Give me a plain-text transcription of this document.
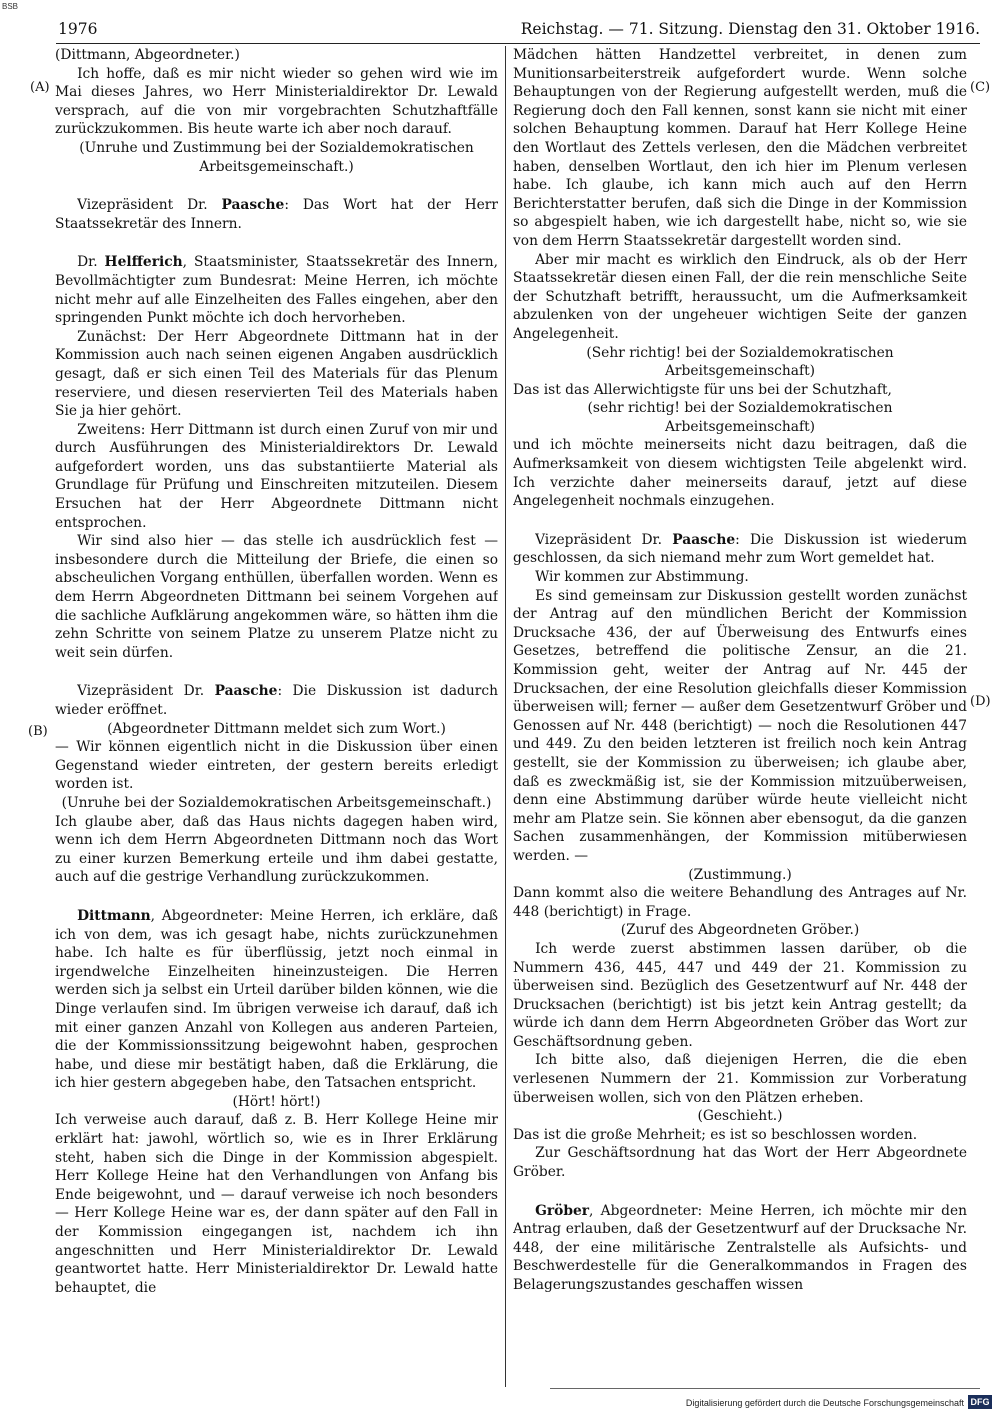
BSB
1976	Reichstag. — 71. Sitzung. Dienstag den 31. Oktober 1916.
(A)
(B)
(C)
(D)

(Dittmann, Abgeordneter.)

Ich hoffe, daß es mir nicht wieder so gehen wird wie im Mai dieses Jahres, wo Herr Ministerialdirektor Dr. Lewald versprach, auf die von mir vorgebrachten Schutzhaftfälle zurückzukommen. Bis heute warte ich aber noch darauf.

(Unruhe und Zustimmung bei der Sozialdemokratischen Arbeitsgemeinschaft.)

Vizepräsident Dr. Paasche: Das Wort hat der Herr Staatssekretär des Innern.

Dr. Helfferich, Staatsminister, Staatssekretär des Innern, Bevollmächtigter zum Bundesrat: Meine Herren, ich möchte nicht mehr auf alle Einzelheiten des Falles eingehen, aber den springenden Punkt möchte ich doch hervorheben.

Zunächst: Der Herr Abgeordnete Dittmann hat in der Kommission auch nach seinen eigenen Angaben ausdrücklich gesagt, daß er sich einen Teil des Materials für das Plenum reserviere, und diesen reservierten Teil des Materials haben Sie ja hier gehört.

Zweitens: Herr Dittmann ist durch einen Zuruf von mir und durch Ausführungen des Ministerialdirektors Dr. Lewald aufgefordert worden, uns das substantiierte Material als Grundlage für Prüfung und Einschreiten mitzuteilen. Diesem Ersuchen hat der Herr Abgeordnete Dittmann nicht entsprochen.

Wir sind also hier — das stelle ich ausdrücklich fest — insbesondere durch die Mitteilung der Briefe, die einen so abscheulichen Vorgang enthüllen, überfallen worden. Wenn es dem Herrn Abgeordneten Dittmann bei seinem Vorgehen auf die sachliche Aufklärung angekommen wäre, so hätten ihm die zehn Schritte von seinem Platze zu unserem Platze nicht zu weit sein dürfen.

Vizepräsident Dr. Paasche: Die Diskussion ist dadurch wieder eröffnet.

(Abgeordneter Dittmann meldet sich zum Wort.)

— Wir können eigentlich nicht in die Diskussion über einen Gegenstand wieder eintreten, der gestern bereits erledigt worden ist.

(Unruhe bei der Sozialdemokratischen Arbeitsgemeinschaft.)

Ich glaube aber, daß das Haus nichts dagegen haben wird, wenn ich dem Herrn Abgeordneten Dittmann noch das Wort zu einer kurzen Bemerkung erteile und ihm dabei gestatte, auch auf die gestrige Verhandlung zurückzukommen.

Dittmann, Abgeordneter: Meine Herren, ich erkläre, daß ich von dem, was ich gesagt habe, nichts zurückzunehmen habe. Ich halte es für überflüssig, jetzt noch einmal in irgendwelche Einzelheiten hineinzusteigen. Die Herren werden sich ja selbst ein Urteil darüber bilden können, wie die Dinge verlaufen sind. Im übrigen verweise ich darauf, daß ich mit einer ganzen Anzahl von Kollegen aus anderen Parteien, die der Kommissionssitzung beigewohnt haben, gesprochen habe, und diese mir bestätigt haben, daß die Erklärung, die ich hier gestern abgegeben habe, den Tatsachen entspricht.

(Hört! hört!)

Ich verweise auch darauf, daß z. B. Herr Kollege Heine mir erklärt hat: jawohl, wörtlich so, wie es in Ihrer Erklärung steht, haben sich die Dinge in der Kommission abgespielt. Herr Kollege Heine hat den Verhandlungen von Anfang bis Ende beigewohnt, und — darauf verweise ich noch besonders — Herr Kollege Heine war es, der dann später auf den Fall in der Kommission eingegangen ist, nachdem ich ihn angeschnitten und Herr Ministerialdirektor Dr. Lewald geantwortet hatte. Herr Ministerialdirektor Dr. Lewald hatte behauptet, die

Mädchen hätten Handzettel verbreitet, in denen zum Munitionsarbeiterstreik aufgefordert wurde. Wenn solche Behauptungen von der Regierung aufgestellt werden, muß die Regierung doch den Fall kennen, sonst kann sie nicht mit einer solchen Behauptung kommen. Darauf hat Herr Kollege Heine den Wortlaut des Zettels verlesen, den die Mädchen verbreitet haben, denselben Wortlaut, den ich hier im Plenum verlesen habe. Ich glaube, ich kann mich auch auf den Herrn Berichterstatter berufen, daß sich die Dinge in der Kommission so abgespielt haben, wie ich dargestellt habe, nicht so, wie sie von dem Herrn Staatssekretär dargestellt worden sind.

Aber mir macht es wirklich den Eindruck, als ob der Herr Staatssekretär diesen einen Fall, der die rein menschliche Seite der Schutzhaft betrifft, heraussucht, um die Aufmerksamkeit abzulenken von der ungeheuer wichtigen Seite der ganzen Angelegenheit.

(Sehr richtig! bei der Sozialdemokratischen Arbeitsgemeinschaft)

Das ist das Allerwichtigste für uns bei der Schutzhaft,

(sehr richtig! bei der Sozialdemokratischen Arbeitsgemeinschaft)

und ich möchte meinerseits nicht dazu beitragen, daß die Aufmerksamkeit von diesem wichtigsten Teile abgelenkt wird. Ich verzichte daher meinerseits darauf, jetzt auf diese Angelegenheit nochmals einzugehen.

Vizepräsident Dr. Paasche: Die Diskussion ist wiederum geschlossen, da sich niemand mehr zum Wort gemeldet hat.

Wir kommen zur Abstimmung.

Es sind gemeinsam zur Diskussion gestellt worden zunächst der Antrag auf den mündlichen Bericht der Kommission Drucksache 436, der auf Überweisung des Entwurfs eines Gesetzes, betreffend die politische Zensur, an die 21. Kommission geht, weiter der Antrag auf Nr. 445 der Drucksachen, der eine Resolution gleichfalls dieser Kommission überweisen will; ferner — außer dem Gesetzentwurf Gröber und Genossen auf Nr. 448 (berichtigt) — noch die Resolutionen 447 und 449. Zu den beiden letzteren ist freilich noch kein Antrag gestellt, sie der Kommission zu überweisen; ich glaube aber, daß es zweckmäßig ist, sie der Kommission mitzuüberweisen, denn eine Abstimmung darüber würde heute vielleicht nicht mehr am Platze sein. Sie können aber ebensogut, da die ganzen Sachen zusammenhängen, der Kommission mitüberwiesen werden. —

(Zustimmung.)

Dann kommt also die weitere Behandlung des Antrages auf Nr. 448 (berichtigt) in Frage.

(Zuruf des Abgeordneten Gröber.)

Ich werde zuerst abstimmen lassen darüber, ob die Nummern 436, 445, 447 und 449 der 21. Kommission zu überweisen sind. Bezüglich des Gesetzentwurf auf Nr. 448 der Drucksachen (berichtigt) ist bis jetzt kein Antrag gestellt; da würde ich dann dem Herrn Abgeordneten Gröber das Wort zur Geschäftsordnung geben.

Ich bitte also, daß diejenigen Herren, die die eben verlesenen Nummern der 21. Kommission zur Vorberatung überweisen wollen, sich von den Plätzen erheben.

(Geschieht.)

Das ist die große Mehrheit; es ist so beschlossen worden.

Zur Geschäftsordnung hat das Wort der Herr Abgeordnete Gröber.

Gröber, Abgeordneter: Meine Herren, ich möchte mir den Antrag erlauben, daß der Gesetzentwurf auf der Drucksache Nr. 448, der eine militärische Zentralstelle als Aufsichts- und Beschwerdestelle für die Generalkommandos in Fragen des Belagerungszustandes geschaffen wissen

Digitalisierung gefördert durch die Deutsche Forschungsgemeinschaft DFG
